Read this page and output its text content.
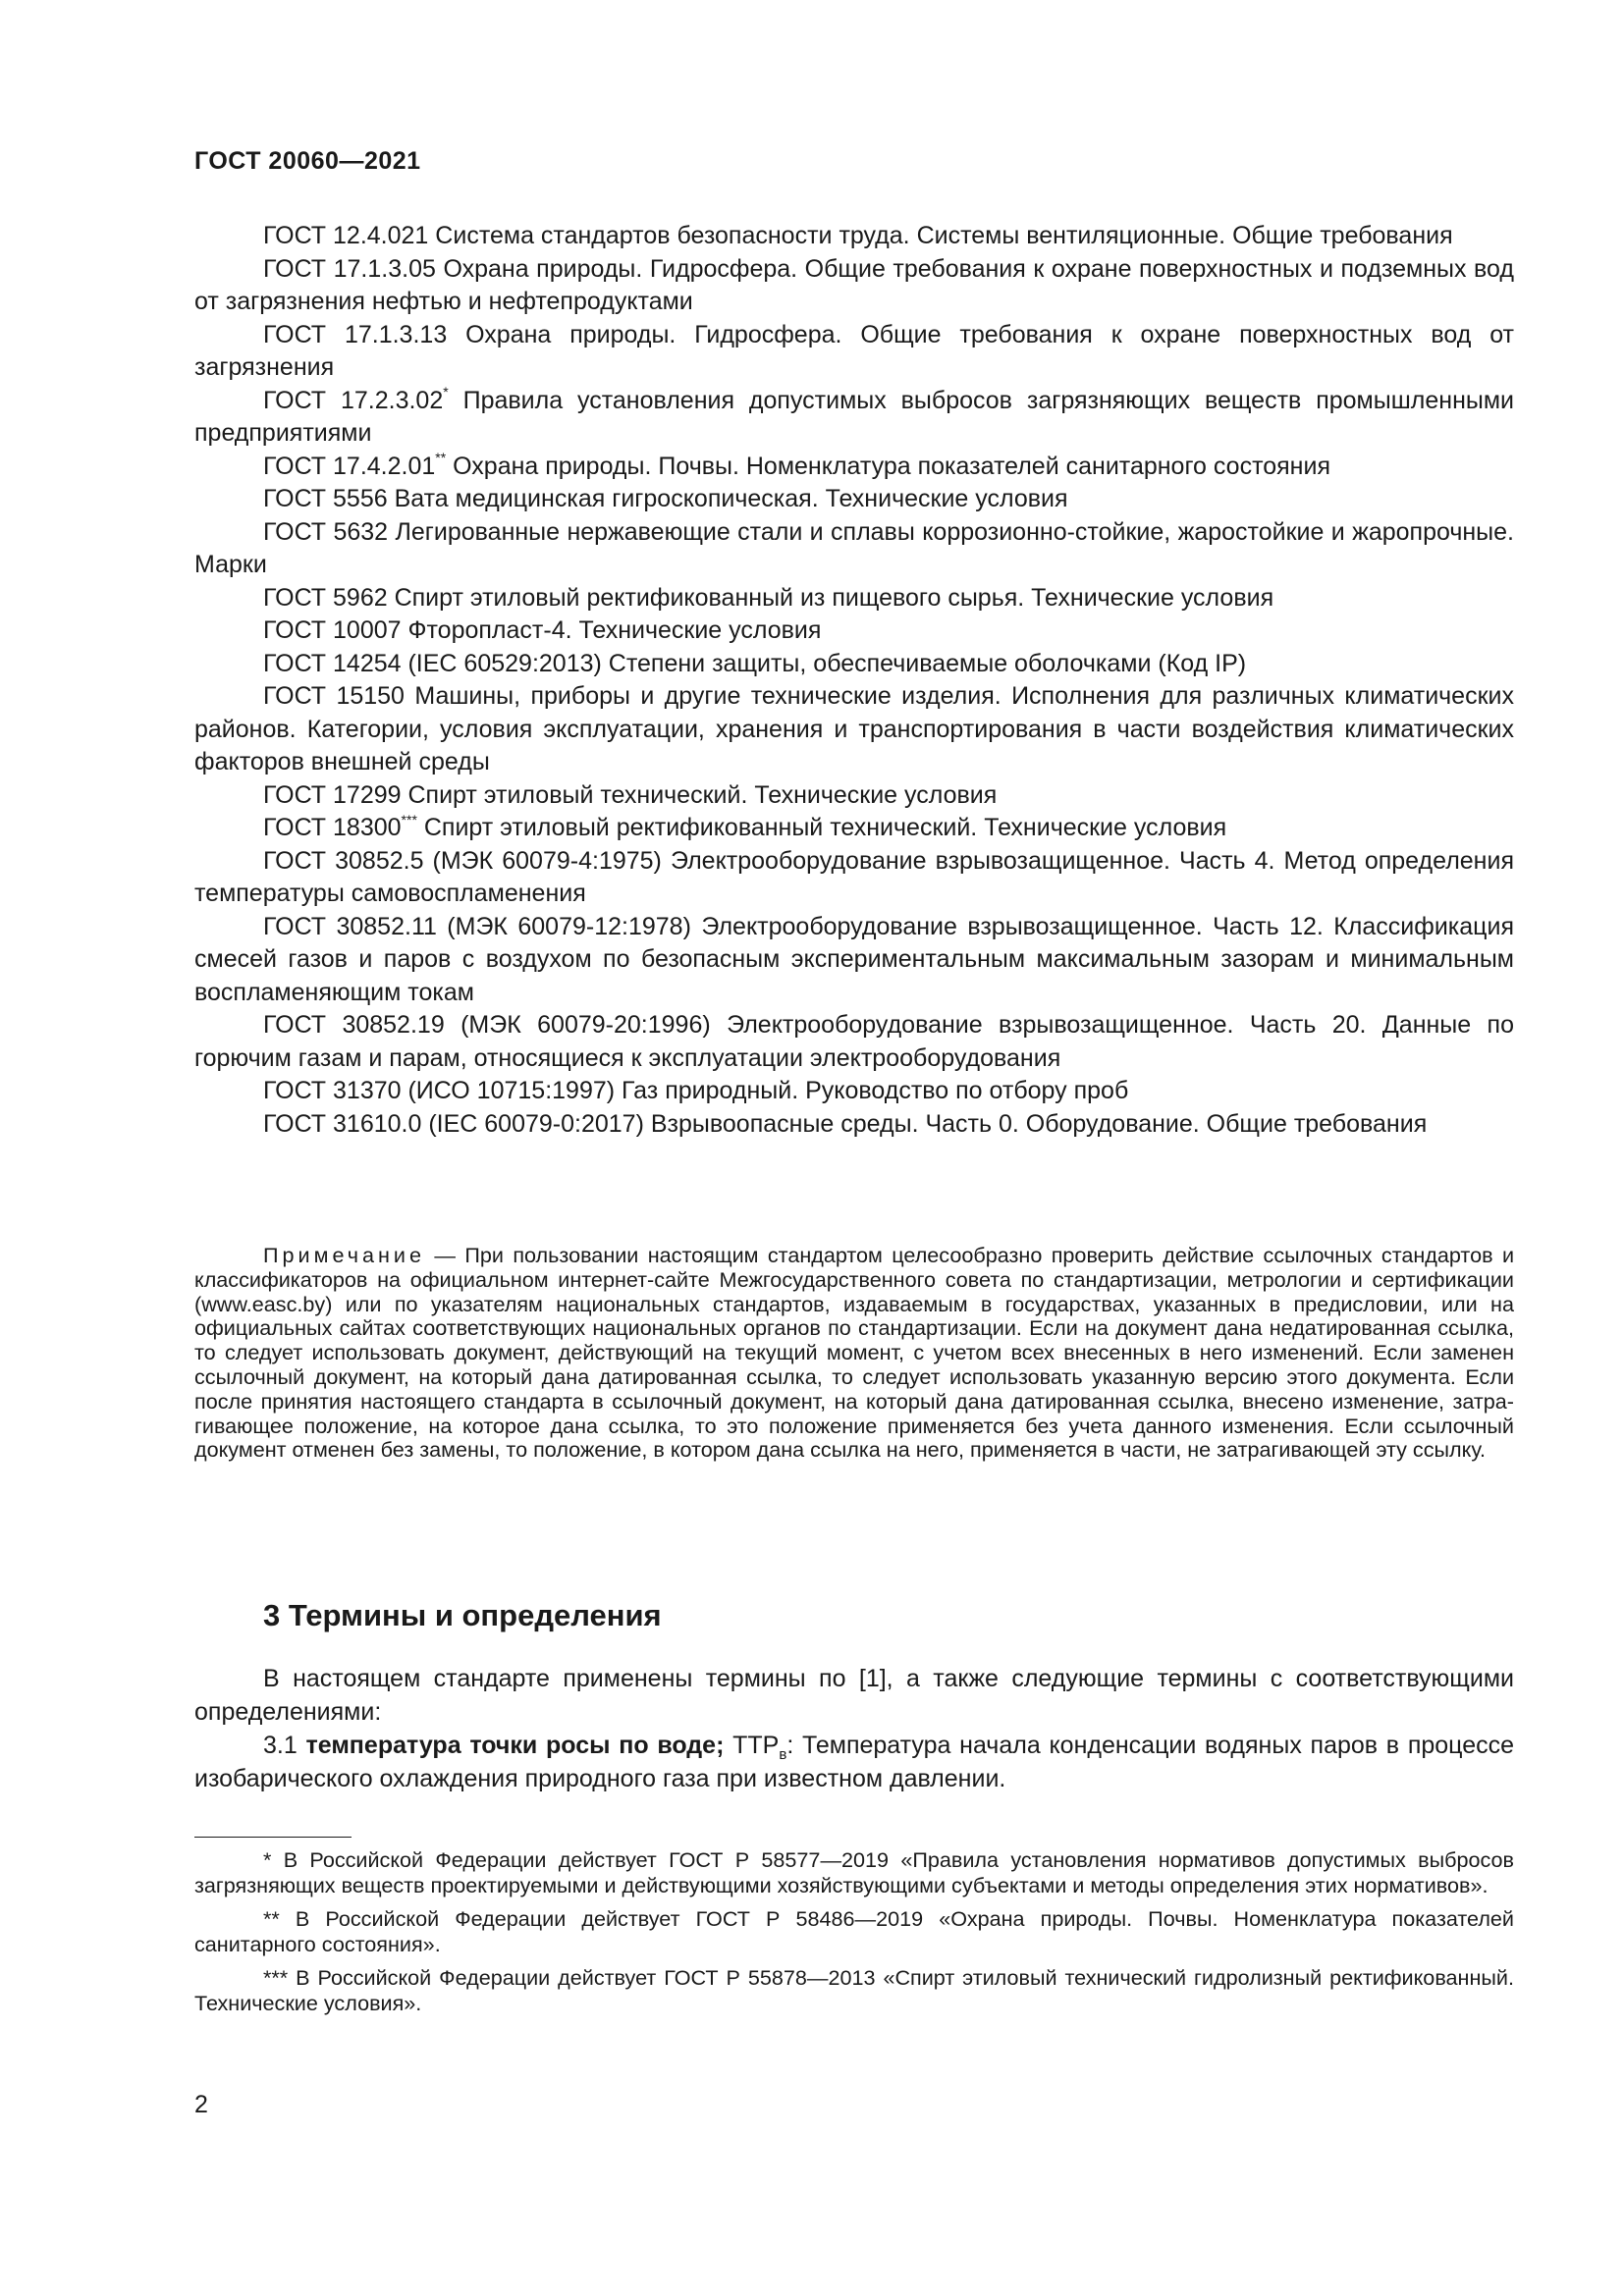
ГОСТ 20060—2021

ГОСТ 12.4.021 Система стандартов безопасности труда. Системы вентиляционные. Общие требования

ГОСТ 17.1.3.05 Охрана природы. Гидросфера. Общие требования к охране поверхностных и подземных вод от загрязнения нефтью и нефтепродуктами

ГОСТ 17.1.3.13 Охрана природы. Гидросфера. Общие требования к охране поверхностных вод от загрязнения

ГОСТ 17.2.3.02* Правила установления допустимых выбросов загрязняющих веществ промышленными предприятиями

ГОСТ 17.4.2.01** Охрана природы. Почвы. Номенклатура показателей санитарного состояния

ГОСТ 5556 Вата медицинская гигроскопическая. Технические условия

ГОСТ 5632 Легированные нержавеющие стали и сплавы коррозионно-стойкие, жаростойкие и жаропрочные. Марки

ГОСТ 5962 Спирт этиловый ректификованный из пищевого сырья. Технические условия

ГОСТ 10007 Фторопласт-4. Технические условия

ГОСТ 14254 (IEC 60529:2013) Степени защиты, обеспечиваемые оболочками (Код IP)

ГОСТ 15150 Машины, приборы и другие технические изделия. Исполнения для различных климатических районов. Категории, условия эксплуатации, хранения и транспортирования в части воздействия климатических факторов внешней среды

ГОСТ 17299 Спирт этиловый технический. Технические условия

ГОСТ 18300*** Спирт этиловый ректификованный технический. Технические условия

ГОСТ 30852.5 (МЭК 60079-4:1975) Электрооборудование взрывозащищенное. Часть 4. Метод определения температуры самовоспламенения

ГОСТ 30852.11 (МЭК 60079-12:1978) Электрооборудование взрывозащищенное. Часть 12. Классификация смесей газов и паров с воздухом по безопасным экспериментальным максимальным зазорам и минимальным воспламеняющим токам

ГОСТ 30852.19 (МЭК 60079-20:1996) Электрооборудование взрывозащищенное. Часть 20. Данные по горючим газам и парам, относящиеся к эксплуатации электрооборудования

ГОСТ 31370 (ИСО 10715:1997) Газ природный. Руководство по отбору проб

ГОСТ 31610.0 (IEC 60079-0:2017) Взрывоопасные среды. Часть 0. Оборудование. Общие требования

Примечание — При пользовании настоящим стандартом целесообразно проверить действие ссылочных стандартов и классификаторов на официальном интернет-сайте Межгосударственного совета по стандартизации, метрологии и сертификации (www.easc.by) или по указателям национальных стандартов, издаваемым в государствах, указанных в предисловии, или на официальных сайтах соответствующих национальных органов по стандартизации. Если на документ дана недатированная ссылка, то следует использовать документ, действующий на текущий момент, с учетом всех внесенных в него изменений. Если заменен ссылочный документ, на который дана датированная ссылка, то следует использовать указанную версию этого документа. Если после принятия настоящего стандарта в ссылочный документ, на который дана датированная ссылка, внесено изменение, затрагивающее положение, на которое дана ссылка, то это положение применяется без учета данного изменения. Если ссылочный документ отменен без замены, то положение, в котором дана ссылка на него, применяется в части, не затрагивающей эту ссылку.

3 Термины и определения

В настоящем стандарте применены термины по [1], а также следующие термины с соответствующими определениями:

3.1 температура точки росы по воде; $ТТР_в$: Температура начала конденсации водяных паров в процессе изобарического охлаждения природного газа при известном давлении.

* В Российской Федерации действует ГОСТ Р 58577—2019 «Правила установления нормативов допустимых выбросов загрязняющих веществ проектируемыми и действующими хозяйствующими субъектами и методы определения этих нормативов».

** В Российской Федерации действует ГОСТ Р 58486—2019 «Охрана природы. Почвы. Номенклатура показателей санитарного состояния».

*** В Российской Федерации действует ГОСТ Р 55878—2013 «Спирт этиловый технический гидролизный ректификованный. Технические условия».

2
